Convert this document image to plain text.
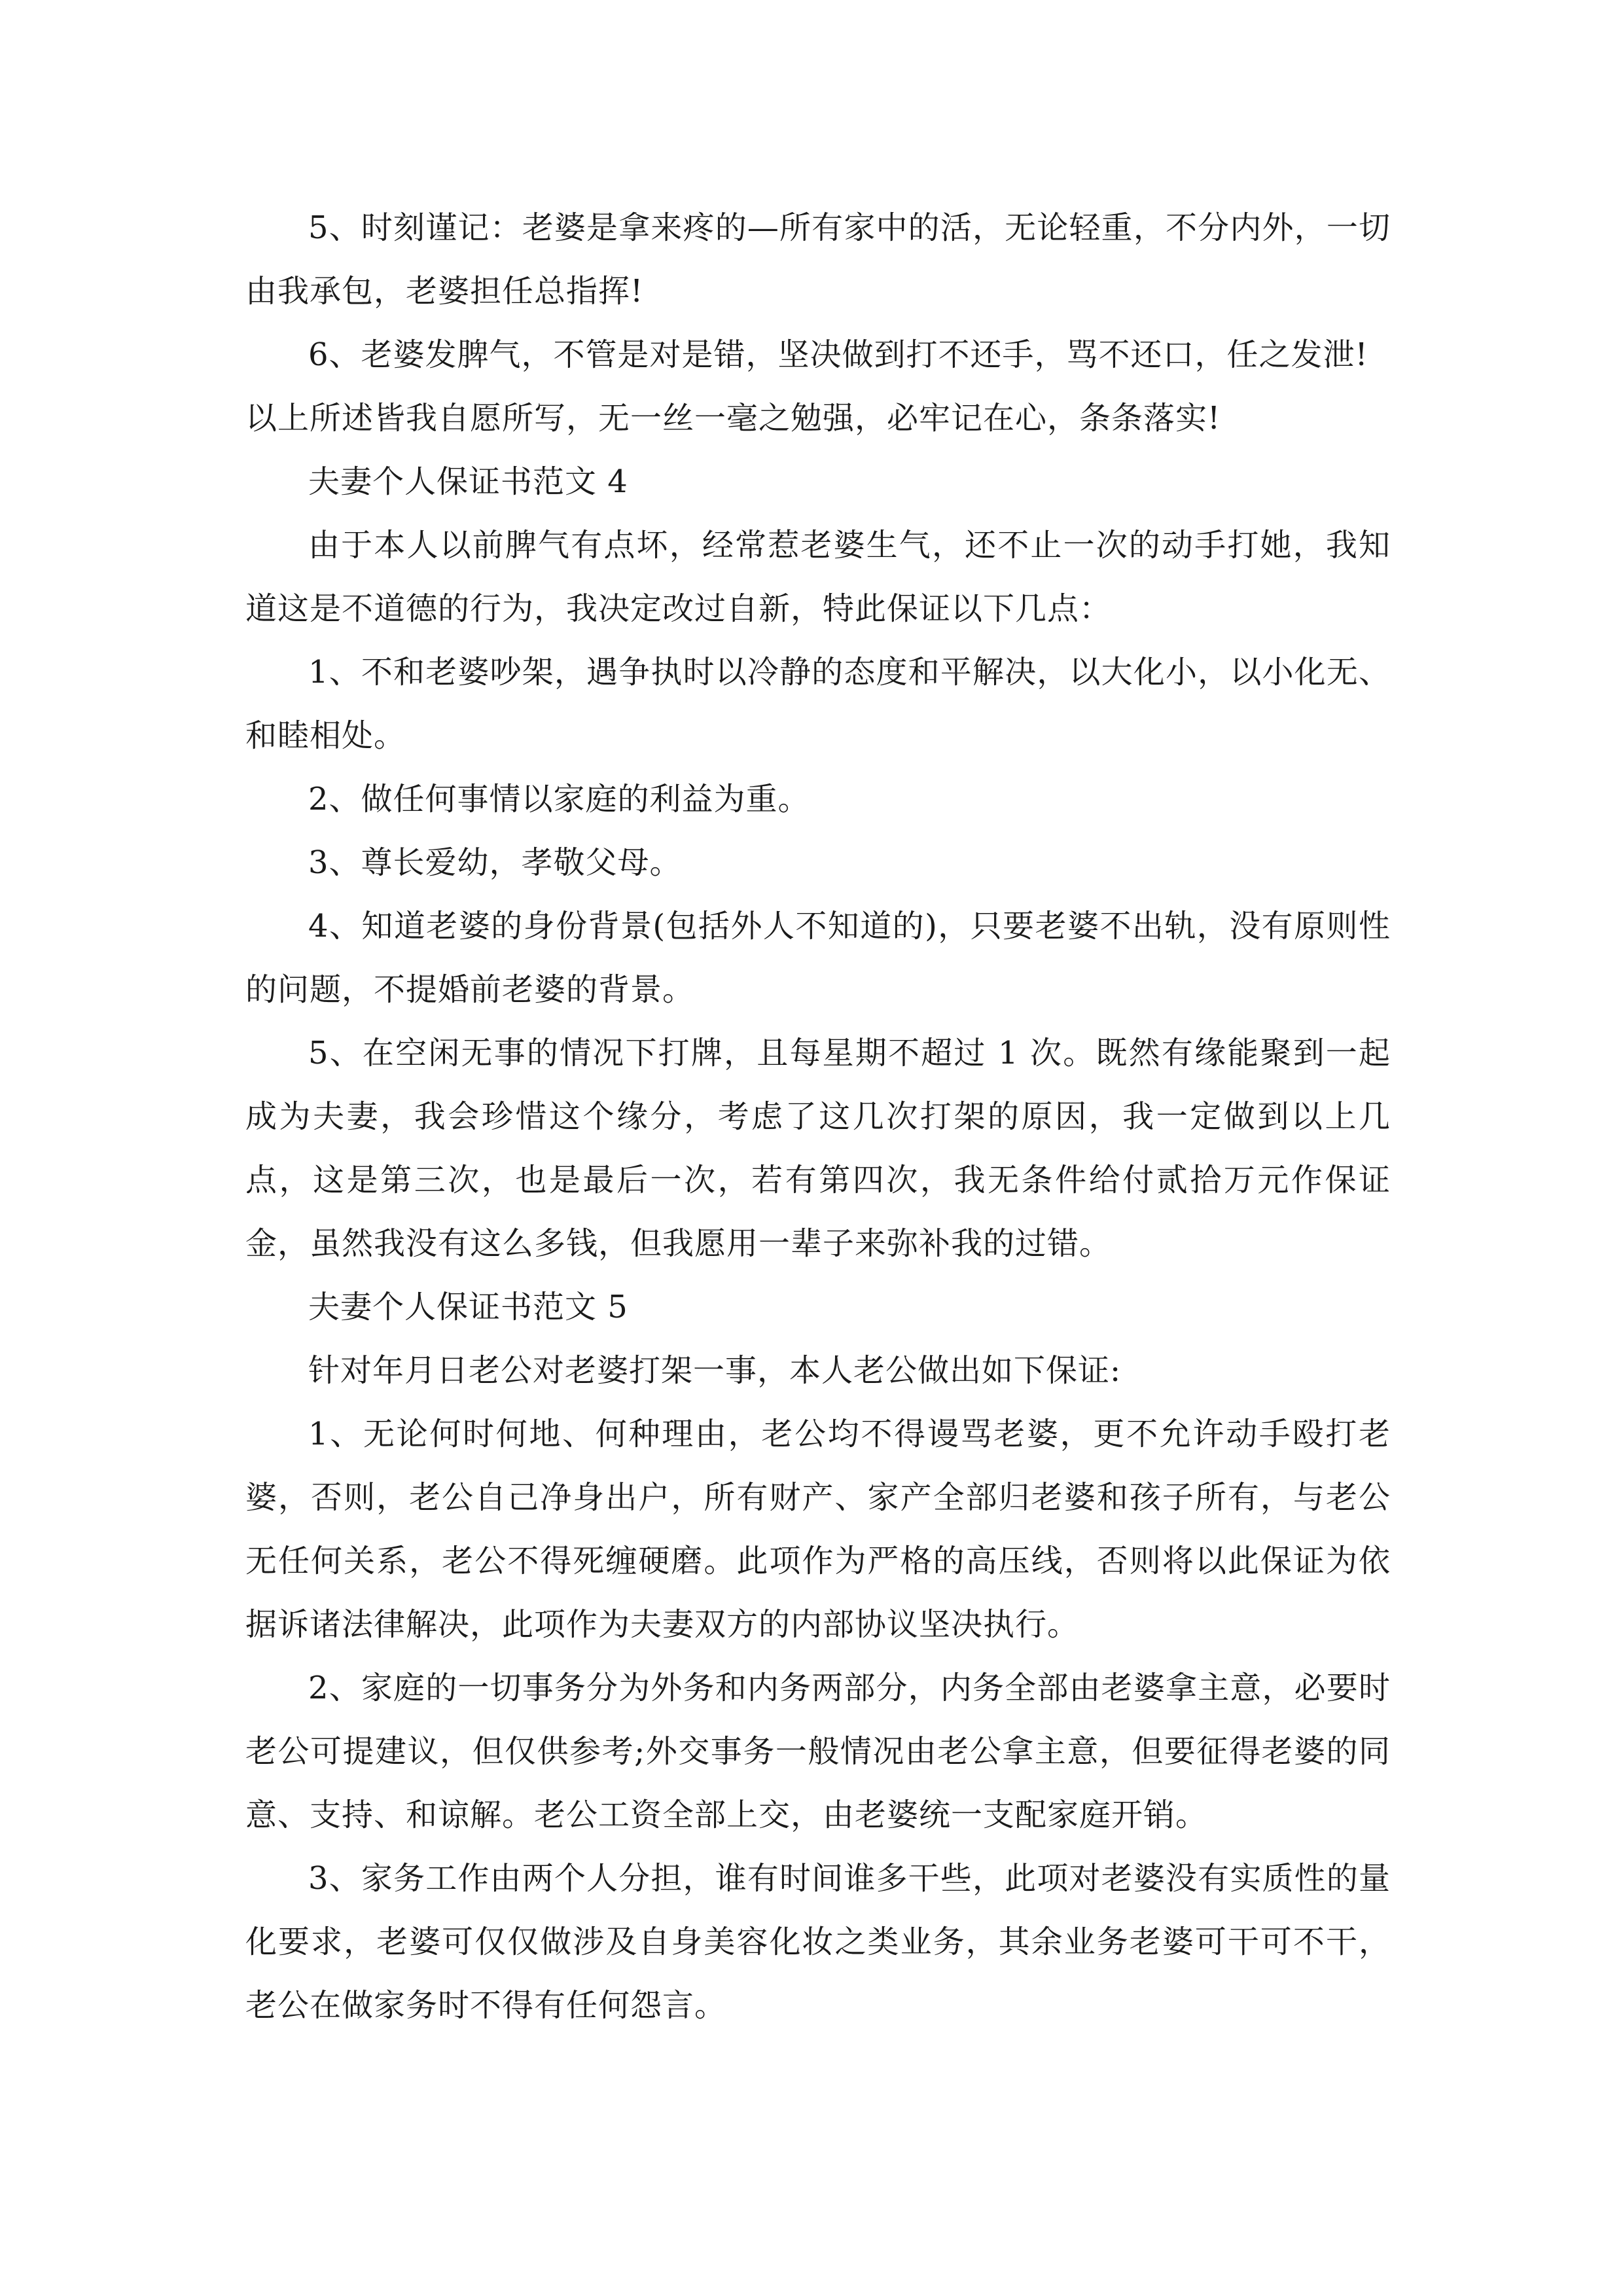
5、时刻谨记：老婆是拿来疼的—所有家中的活，无论轻重，不分内外，一切由我承包，老婆担任总指挥!

6、老婆发脾气，不管是对是错，坚决做到打不还手，骂不还口，任之发泄!

以上所述皆我自愿所写，无一丝一毫之勉强，必牢记在心，条条落实!

夫妻个人保证书范文 4

由于本人以前脾气有点坏，经常惹老婆生气，还不止一次的动手打她，我知道这是不道德的行为，我决定改过自新，特此保证以下几点：

1、不和老婆吵架，遇争执时以冷静的态度和平解决，以大化小，以小化无、和睦相处。

2、做任何事情以家庭的利益为重。

3、尊长爱幼，孝敬父母。

4、知道老婆的身份背景(包括外人不知道的)，只要老婆不出轨，没有原则性的问题，不提婚前老婆的背景。

5、在空闲无事的情况下打牌，且每星期不超过 1 次。既然有缘能聚到一起成为夫妻，我会珍惜这个缘分，考虑了这几次打架的原因，我一定做到以上几点，这是第三次，也是最后一次，若有第四次，我无条件给付贰拾万元作保证金，虽然我没有这么多钱，但我愿用一辈子来弥补我的过错。

夫妻个人保证书范文 5

针对年月日老公对老婆打架一事，本人老公做出如下保证:

1、无论何时何地、何种理由，老公均不得谩骂老婆，更不允许动手殴打老婆，否则，老公自己净身出户，所有财产、家产全部归老婆和孩子所有，与老公无任何关系，老公不得死缠硬磨。此项作为严格的高压线，否则将以此保证为依据诉诸法律解决，此项作为夫妻双方的内部协议坚决执行。

2、家庭的一切事务分为外务和内务两部分，内务全部由老婆拿主意，必要时老公可提建议，但仅供参考;外交事务一般情况由老公拿主意，但要征得老婆的同意、支持、和谅解。老公工资全部上交，由老婆统一支配家庭开销。

3、家务工作由两个人分担，谁有时间谁多干些，此项对老婆没有实质性的量化要求，老婆可仅仅做涉及自身美容化妆之类业务，其余业务老婆可干可不干，老公在做家务时不得有任何怨言。
